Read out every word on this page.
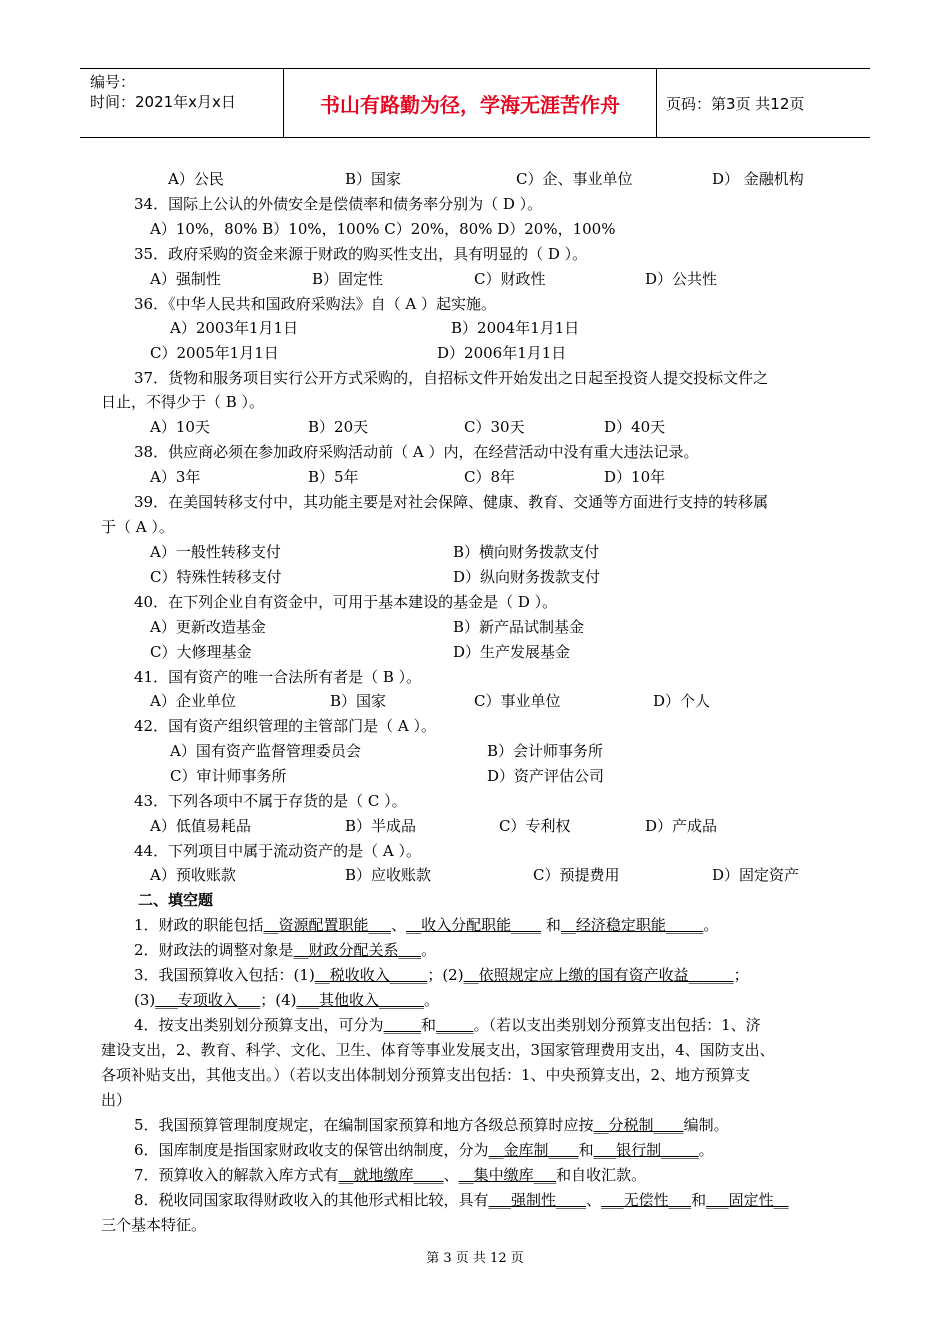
编号：
时间：2021年x月x日	书山有路勤为径，学海无涯苦作舟	页码：第3页 共12页
A）公民	B）国家	C）企、事业单位	D） 金融机构
34．国际上公认的外债安全是偿债率和债务率分别为（ D ）。
A）10%，80% B）10%，100% C）20%，80% D）20%，100%
35．政府采购的资金来源于财政的购买性支出，具有明显的（ D ）。
A）强制性	B）固定性	C）财政性	D）公共性
36．《中华人民共和国政府采购法》自（ A ）起实施。
A）2003年1月1日	B）2004年1月1日
C）2005年1月1日	D）2006年1月1日
37．货物和服务项目实行公开方式采购的，自招标文件开始发出之日起至投资人提交投标文件之
日止，不得少于（ B ）。
A）10天	B）20天	C）30天	D）40天
38．供应商必须在参加政府采购活动前（ A ）内，在经营活动中没有重大违法记录。
A）3年	B）5年	C）8年	D）10年
39．在美国转移支付中，其功能主要是对社会保障、健康、教育、交通等方面进行支持的转移属
于（ A ）。
A）一般性转移支付	B）横向财务拨款支付
C）特殊性转移支付	D）纵向财务拨款支付
40．在下列企业自有资金中，可用于基本建设的基金是（ D ）。
A）更新改造基金	B）新产品试制基金
C）大修理基金	D）生产发展基金
41．国有资产的唯一合法所有者是（ B ）。
A）企业单位	B）国家	C）事业单位	D）个人
42．国有资产组织管理的主管部门是（ A ）。
A）国有资产监督管理委员会	B）会计师事务所
C）审计师事务所	D）资产评估公司
43．下列各项中不属于存货的是（ C ）。
A）低值易耗品	B）半成品	C）专利权	D）产成品
44．下列项目中属于流动资产的是（ A ）。
A）预收账款	B）应收账款	C）预提费用	D）固定资产
二、填空题
1．财政的职能包括__资源配置职能___、__收入分配职能____ 和__经济稳定职能_____。
2．财政法的调整对象是__财政分配关系___。
3．我国预算收入包括：(1)__税收收入_____；(2)__依照规定应上缴的国有资产收益______；
(3)___专项收入___；(4)___其他收入______。
4．按支出类别划分预算支出，可分为_____和_____。（若以支出类别划分预算支出包括：1、济
建设支出，2、教育、科学、文化、卫生、体育等事业发展支出，3国家管理费用支出，4、国防支出、
各项补贴支出，其他支出。）（若以支出体制划分预算支出包括：1、中央预算支出，2、地方预算支
出）
5．我国预算管理制度规定，在编制国家预算和地方各级总预算时应按__分税制____编制。
6．国库制度是指国家财政收支的保管出纳制度，分为__金库制____和___银行制_____。
7．预算收入的解款入库方式有__就地缴库____、__集中缴库___和自收汇款。
8．税收同国家取得财政收入的其他形式相比较，具有___强制性____、___无偿性___和___固定性__
三个基本特征。
第 3 页 共 12 页
